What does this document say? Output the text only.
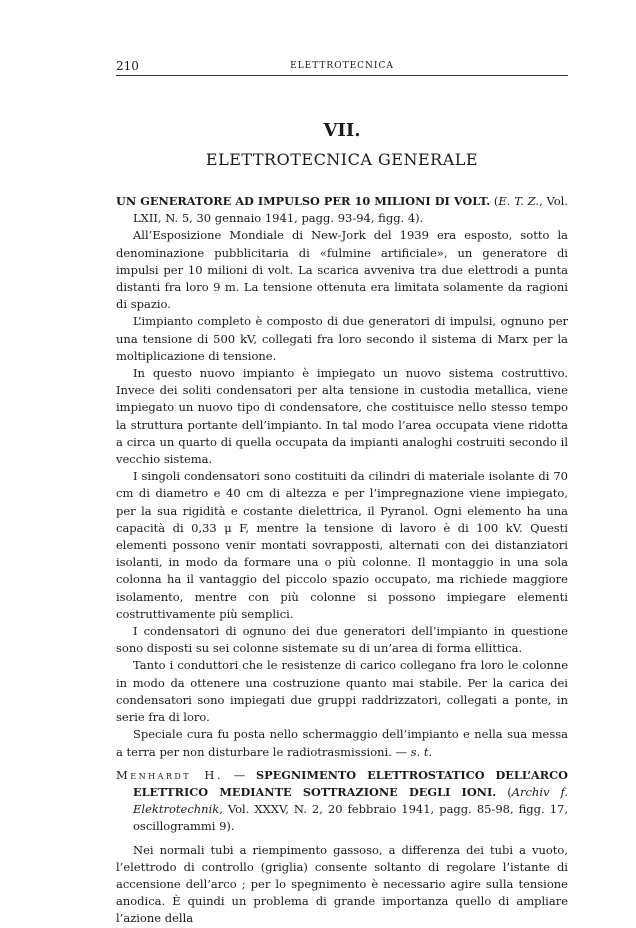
210	ELETTROTECNICA
VII.
ELETTROTECNICA GENERALE

UN GENERATORE AD IMPULSO PER 10 MILIONI DI VOLT. (E. T. Z., Vol. LXII, N. 5, 30 gennaio 1941, pagg. 93-94, figg. 4).

All’Esposizione Mondiale di New-Jork del 1939 era esposto, sotto la denominazione pubblicitaria di «fulmine artificiale», un generatore di impulsi per 10 milioni di volt. La scarica avveniva tra due elettrodi a punta distanti fra loro 9 m. La tensione ottenuta era limitata solamente da ragioni di spazio.

L’impianto completo è composto di due generatori di impulsi, ognuno per una tensione di 500 kV, collegati fra loro secondo il sistema di Marx per la moltiplicazione di tensione.

In questo nuovo impianto è impiegato un nuovo sistema costruttivo. Invece dei soliti condensatori per alta tensione in custodia metallica, viene impiegato un nuovo tipo di condensatore, che costituisce nello stesso tempo la struttura portante dell’impianto. In tal modo l’area occupata viene ridotta a circa un quarto di quella occupata da impianti analoghi costruiti secondo il vecchio sistema.

I singoli condensatori sono costituiti da cilindri di materiale isolante di 70 cm di diametro e 40 cm di altezza e per l’impregnazione viene impiegato, per la sua rigidità e costante dielettrica, il Pyranol. Ogni elemento ha una capacità di 0,33 μ F, mentre la tensione di lavoro è di 100 kV. Questi elementi possono venir montati sovrapposti, alternati con dei distanziatori isolanti, in modo da formare una o più colonne. Il montaggio in una sola colonna ha il vantaggio del piccolo spazio occupato, ma richiede maggiore isolamento, mentre con più colonne si possono impiegare elementi costruttivamente più semplici.

I condensatori di ognuno dei due generatori dell’impianto in questione sono disposti su sei colonne sistemate su di un’area di forma ellittica.

Tanto i conduttori che le resistenze di carico collegano fra loro le colonne in modo da ottenere una costruzione quanto mai stabile. Per la carica dei condensatori sono impiegati due gruppi raddrizzatori, collegati a ponte, in serie fra di loro.

Speciale cura fu posta nello schermaggio dell’impianto e nella sua messa a terra per non disturbare le radiotrasmissioni. — s. t.

Menhardt H. — SPEGNIMENTO ELETTROSTATICO DELL’ARCO ELETTRICO MEDIANTE SOTTRAZIONE DEGLI IONI. (Archiv f. Elektrotechnik, Vol. XXXV, N. 2, 20 febbraio 1941, pagg. 85-98, figg. 17, oscillogrammi 9).

Nei normali tubi a riempimento gassoso, a differenza dei tubi a vuoto, l’elettrodo di controllo (griglia) consente soltanto di regolare l’istante di accensione dell’arco ; per lo spegnimento è necessario agire sulla tensione anodica. È quindi un problema di grande importanza quello di ampliare l’azione della
